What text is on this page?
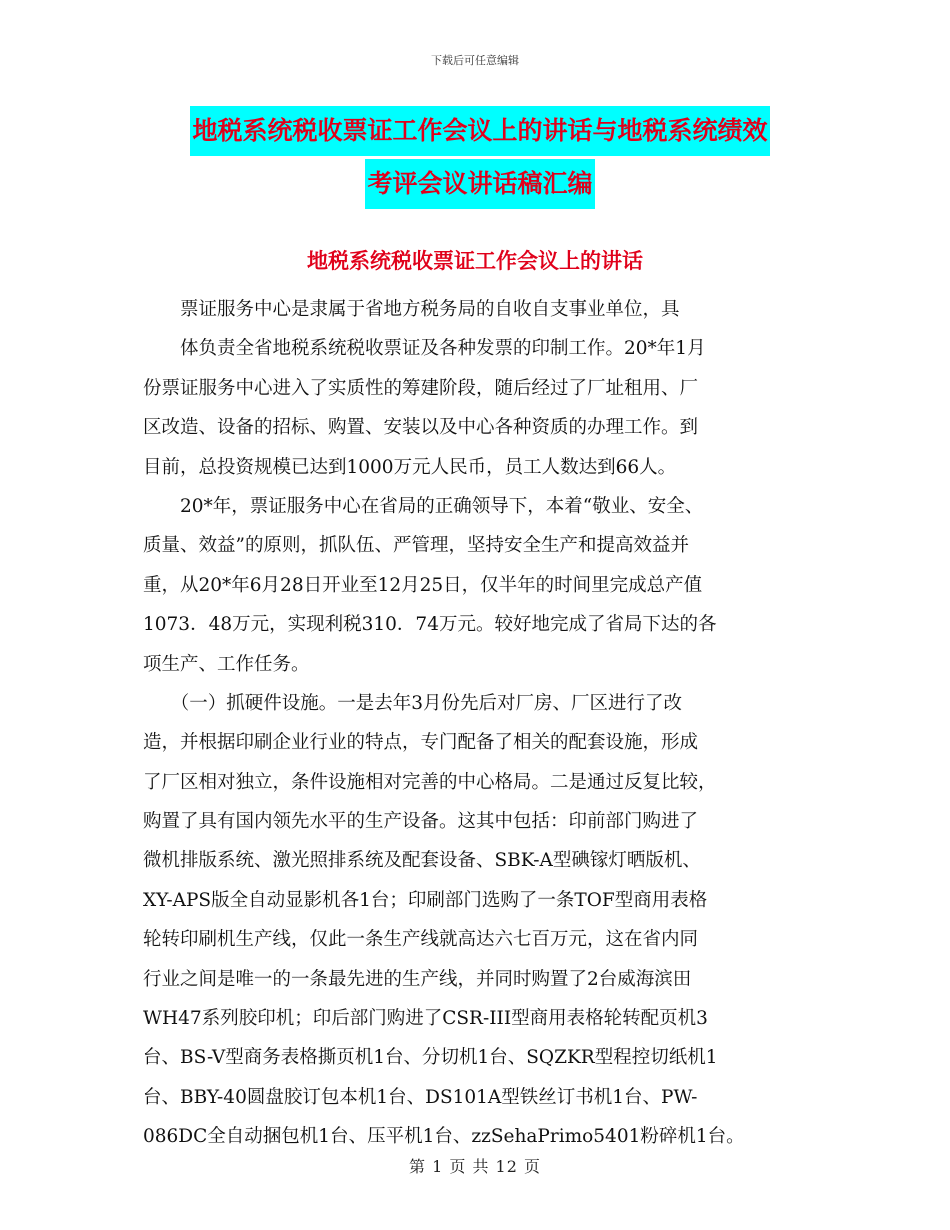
下载后可任意编辑
地税系统税收票证工作会议上的讲话与地税系统绩效
考评会议讲话稿汇编
地税系统税收票证工作会议上的讲话
　　票证服务中心是隶属于省地方税务局的自收自支事业单位，具
　　体负责全省地税系统税收票证及各种发票的印制工作。20*年1月
份票证服务中心进入了实质性的筹建阶段，随后经过了厂址租用、厂
区改造、设备的招标、购置、安装以及中心各种资质的办理工作。到
目前，总投资规模已达到1000万元人民币，员工人数达到66人。
　　20*年，票证服务中心在省局的正确领导下，本着“敬业、安全、
质量、效益”的原则，抓队伍、严管理，坚持安全生产和提高效益并
重，从20*年6月28日开业至12月25日，仅半年的时间里完成总产值
1073．48万元，实现利税310．74万元。较好地完成了省局下达的各
项生产、工作任务。
　　（一）抓硬件设施。一是去年3月份先后对厂房、厂区进行了改
造，并根据印刷企业行业的特点，专门配备了相关的配套设施，形成
了厂区相对独立，条件设施相对完善的中心格局。二是通过反复比较，
购置了具有国内领先水平的生产设备。这其中包括：印前部门购进了
微机排版系统、激光照排系统及配套设备、SBK-A型碘镓灯晒版机、
XY-APS版全自动显影机各1台；印刷部门选购了一条TOF型商用表格
轮转印刷机生产线，仅此一条生产线就高达六七百万元，这在省内同
行业之间是唯一的一条最先进的生产线，并同时购置了2台威海滨田
WH47系列胶印机；印后部门购进了CSR-III型商用表格轮转配页机3
台、BS-V型商务表格撕页机1台、分切机1台、SQZKR型程控切纸机1
台、BBY-40圆盘胶订包本机1台、DS101A型铁丝订书机1台、PW-
086DC全自动捆包机1台、压平机1台、zzSehaPrimo5401粉碎机1台。
第 1 页 共 12 页
